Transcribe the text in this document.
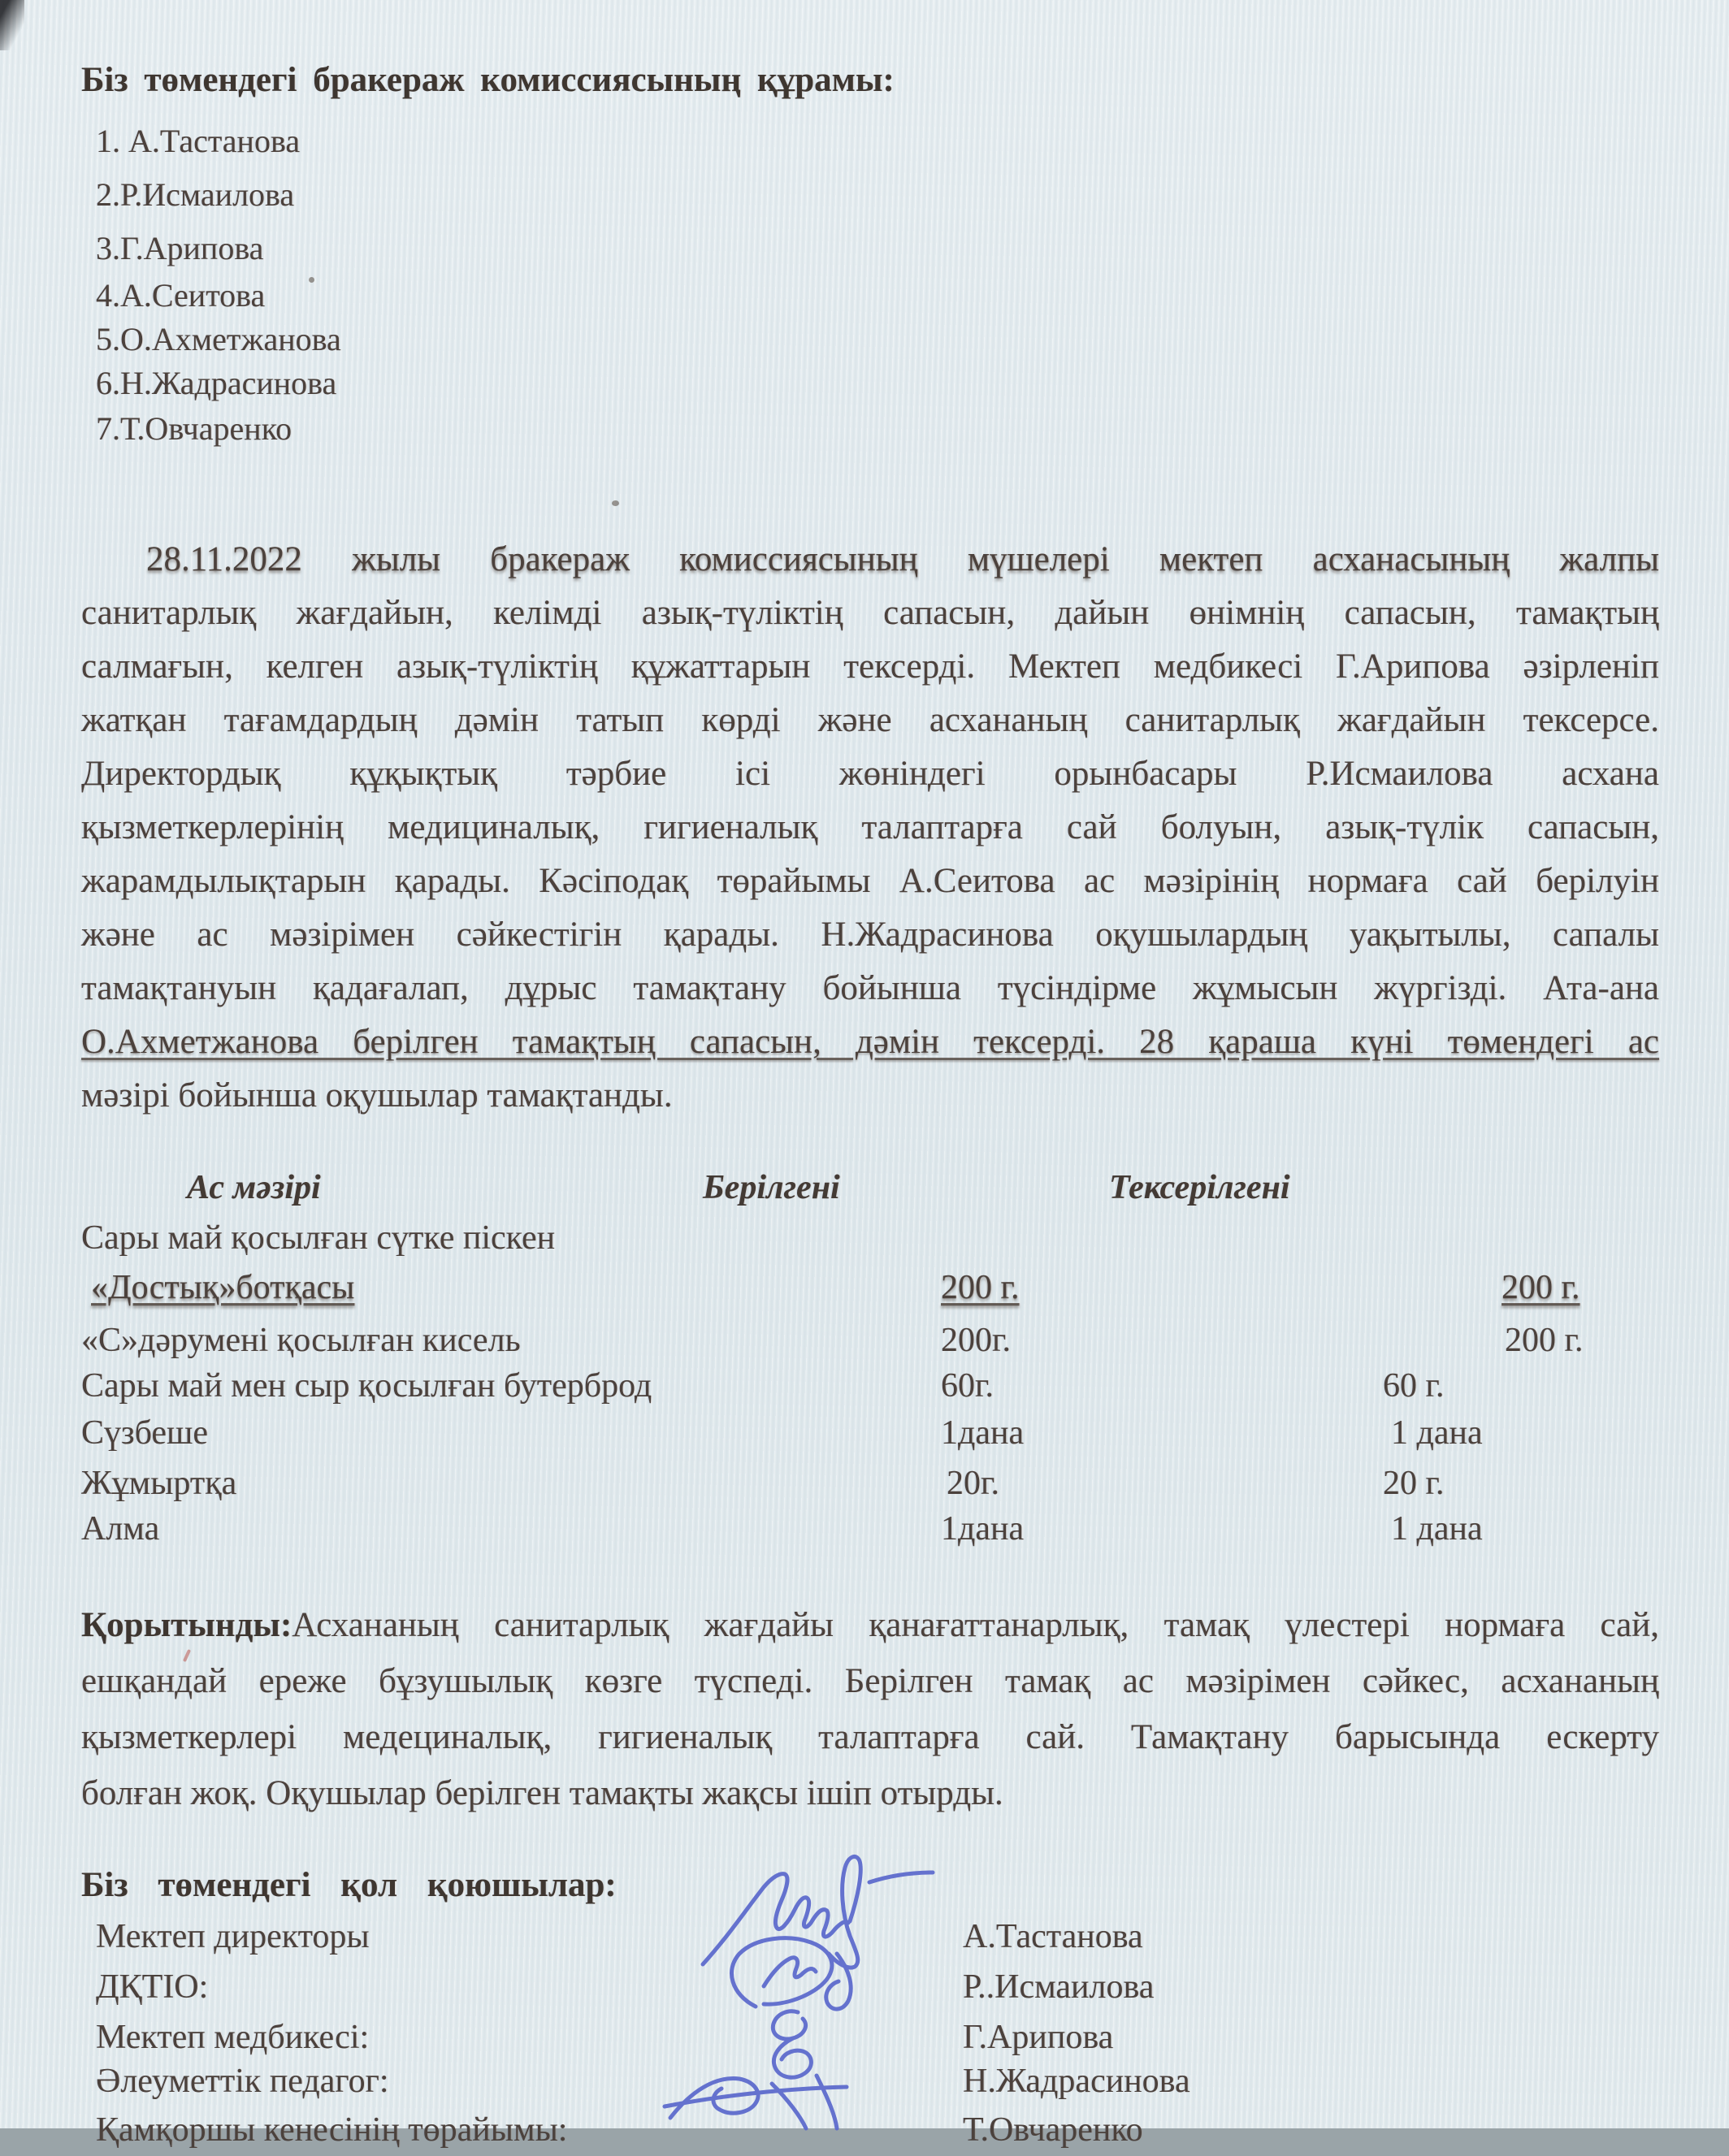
Біз төмендегі бракераж комиссиясының құрамы:
1. А.Тастанова
2.Р.Исмаилова
3.Г.Арипова
4.А.Сеитова
5.О.Ахметжанова
6.Н.Жадрасинова
7.Т.Овчаренко
28.11.2022 жылы бракераж комиссиясының мүшелері мектеп асханасының жалпы
санитарлық жағдайын, келімді азық-түліктің сапасын, дайын өнімнің сапасын, тамақтың
салмағын, келген азық-түліктің құжаттарын тексерді. Мектеп медбикесі Г.Арипова әзірленіп
жатқан тағамдардың дәмін татып көрді және асхананың санитарлық жағдайын тексерсе.
Директордық құқықтық тәрбие ісі жөніндегі орынбасары Р.Исмаилова асхана
қызметкерлерінің медициналық, гигиеналық талаптарға сай болуын, азық-түлік сапасын,
жарамдылықтарын қарады. Кәсіподақ төрайымы А.Сеитова ас мәзірінің нормаға сай берілуін
және ас мәзірімен сәйкестігін қарады. Н.Жадрасинова оқушылардың уақытылы, сапалы
тамақтануын қадағалап, дұрыс тамақтану бойынша түсіндірме жұмысын жүргізді. Ата-ана
О.Ахметжанова берілген тамақтың сапасын, дәмін тексерді. 28 қараша күні төмендегі ас
мәзірі бойынша оқушылар тамақтанды.
Ас мәзірі	Берілгені	Тексерілгені
Сары май қосылған сүтке піскен
«Достық»ботқасы	200 г.	200 г.
«С»дәрумені қосылған кисель	200г.	200 г.
Сары май мен сыр қосылған бутерброд	60г.	60 г.
Сүзбеше	1дана	1 дана
Жұмыртқа	20г.	20 г.
Алма	1дана	1 дана
Қорытынды:Асхананың санитарлық жағдайы қанағаттанарлық, тамақ үлестері нормаға сай,
ешқандай ереже бұзушылық көзге түспеді. Берілген тамақ ас мәзірімен сәйкес, асхананың
қызметкерлері медециналық, гигиеналық талаптарға сай. Тамақтану барысында ескерту
болған жоқ. Оқушылар берілген тамақты жақсы ішіп отырды.
Біз төмендегі қол қоюшылар:
Мектеп директоры	А.Тастанова
ДҚТІО:	Р..Исмаилова
Мектеп медбикесі:	Г.Арипова
Әлеуметтік педагог:	Н.Жадрасинова
Қамқоршы кенесінің төрайымы:	Т.Овчаренко
